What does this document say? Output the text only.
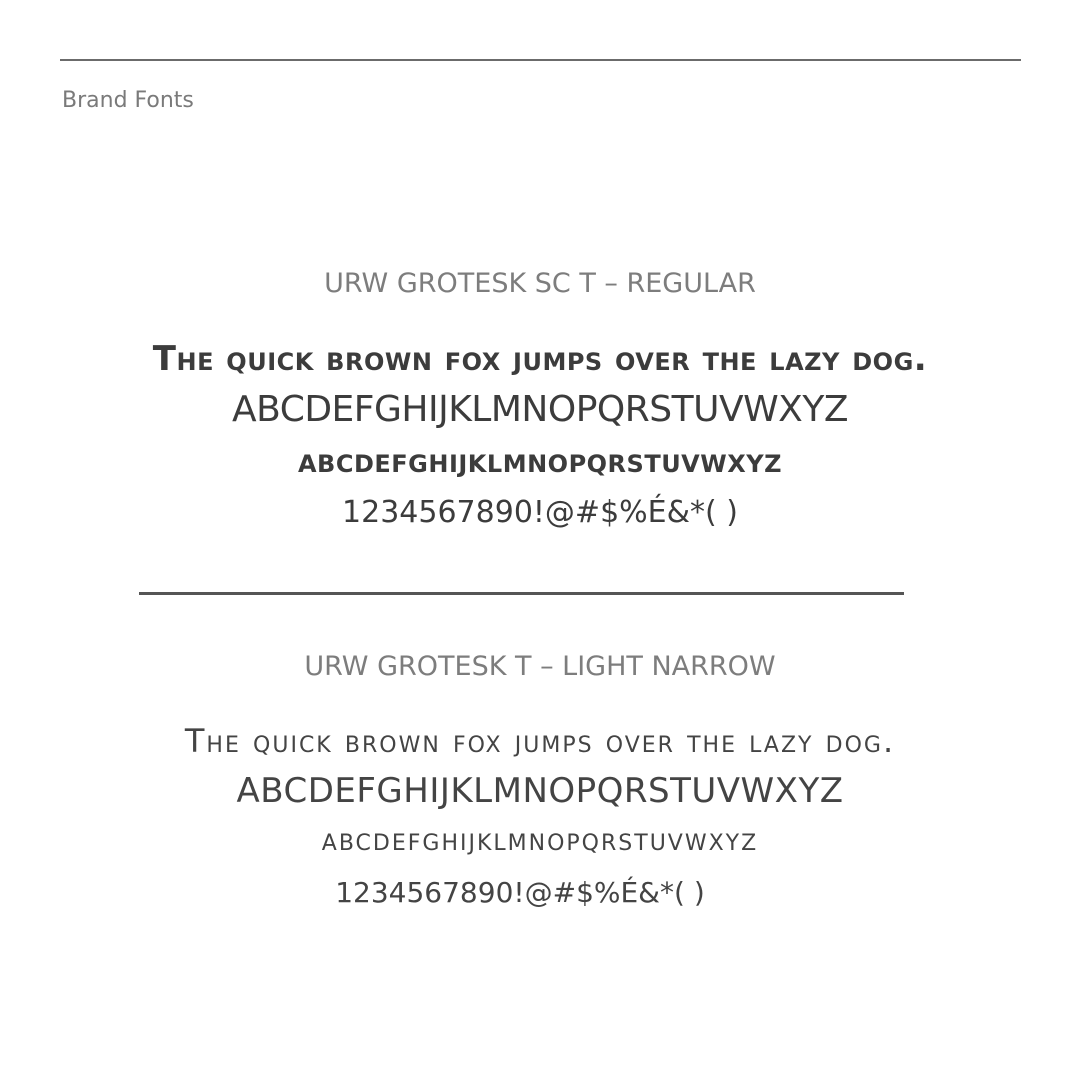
Brand Fonts

URW GROTESK SC T – REGULAR

The quick brown fox jumps over the lazy dog.

ABCDEFGHIJKLMNOPQRSTUVWXYZ

ABCDEFGHIJKLMNOPQRSTUVWXYZ

1234567890!@#$%É&*( )

URW GROTESK T – LIGHT NARROW

The quick brown fox jumps over the lazy dog.

ABCDEFGHIJKLMNOPQRSTUVWXYZ

ABCDEFGHIJKLMNOPQRSTUVWXYZ

1234567890!@#$%É&*( )
